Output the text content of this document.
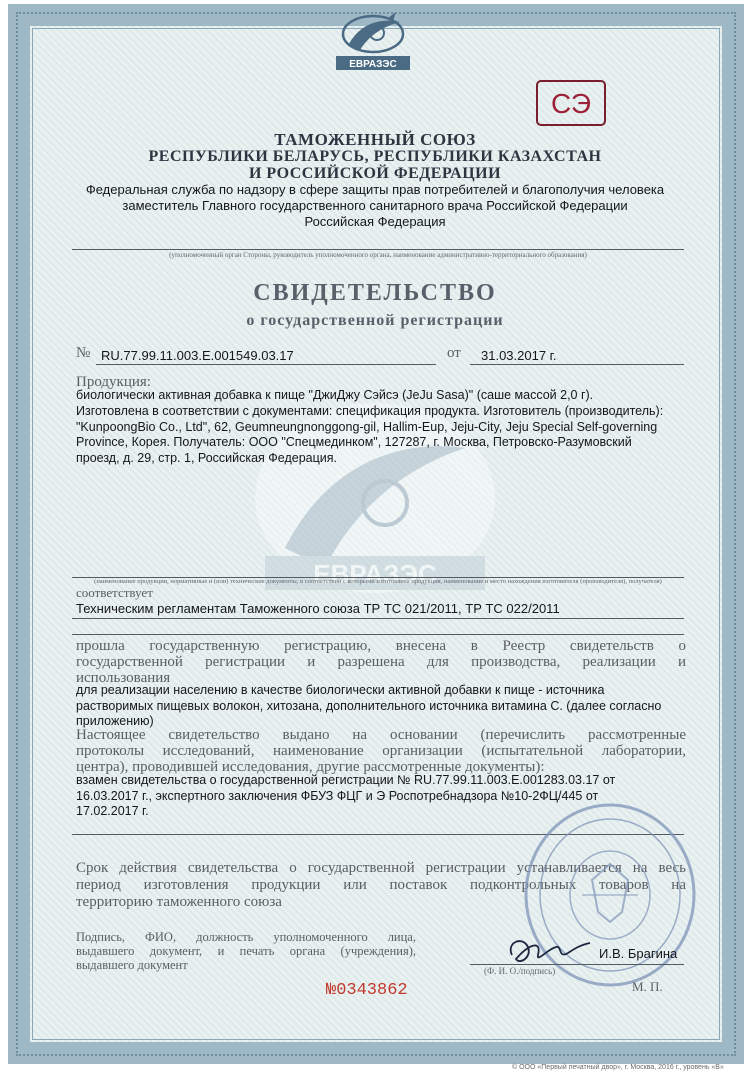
ЕВРАЗЭС
СЭ
ЕВРАЗЭС
ТАМОЖЕННЫЙ СОЮЗ
РЕСПУБЛИКИ БЕЛАРУСЬ, РЕСПУБЛИКИ КАЗАХСТАН
И РОССИЙСКОЙ ФЕДЕРАЦИИ
Федеральная служба по надзору в сфере защиты прав потребителей и благополучия человека
заместитель Главного государственного санитарного врача Российской Федерации
Российская Федерация
(уполномоченный орган Стороны, руководитель уполномоченного органа, наименование административно-территориального образования)
СВИДЕТЕЛЬСТВО
о государственной регистрации
№ RU.77.99.11.003.E.001549.03.17	от 31.03.2017 г.
Продукция:
биологически активная добавка к пище "ДжиДжу Сэйсэ (JeJu Sasa)" (саше массой 2,0 г).
Изготовлена в соответствии с документами: спецификация продукта. Изготовитель (производитель):
"KunpoongBio Co., Ltd", 62, Geumneungnonggong-gil, Hallim-Eup, Jeju-City, Jeju Special Self-governing
Province, Корея. Получатель: ООО "Спецмединком", 127287, г. Москва, Петровско-Разумовский
проезд, д. 29, стр. 1, Российская Федерация.
(наименование продукции, нормативные и (или) технические документы, в соответствии с которыми изготовлена продукция, наименование и место нахождения изготовителя (производителя), получателя)
соответствует
Техническим регламентам Таможенного союза ТР ТС 021/2011, ТР ТС 022/2011
прошла государственную регистрацию, внесена в Реестр свидетельств о
государственной регистрации и разрешена для производства, реализации и
использования
для реализации населению в качестве биологически активной добавки к пище - источника
растворимых пищевых волокон, хитозана, дополнительного источника витамина С. (далее согласно
приложению)
Настоящее свидетельство выдано на основании (перечислить рассмотренные
протоколы исследований, наименование организации (испытательной лаборатории,
центра), проводившей исследования, другие рассмотренные документы):
взамен свидетельства о государственной регистрации № RU.77.99.11.003.E.001283.03.17 от
16.03.2017 г., экспертного заключения ФБУЗ ФЦГ и Э Роспотребнадзора №10-2ФЦ/445 от
17.02.2017 г.
Срок действия свидетельства о государственной регистрации устанавливается на весь
период изготовления продукции или поставок подконтрольных товаров на
территорию таможенного союза
Подпись, ФИО, должность уполномоченного лица,
выдавшего документ, и печать органа (учреждения),
выдавшего документ
И.В. Брагина
(Ф. И. О./подпись)
№0343862	М. П.
© ООО «Первый печатный двор», г. Москва, 2016 г., уровень «В»
